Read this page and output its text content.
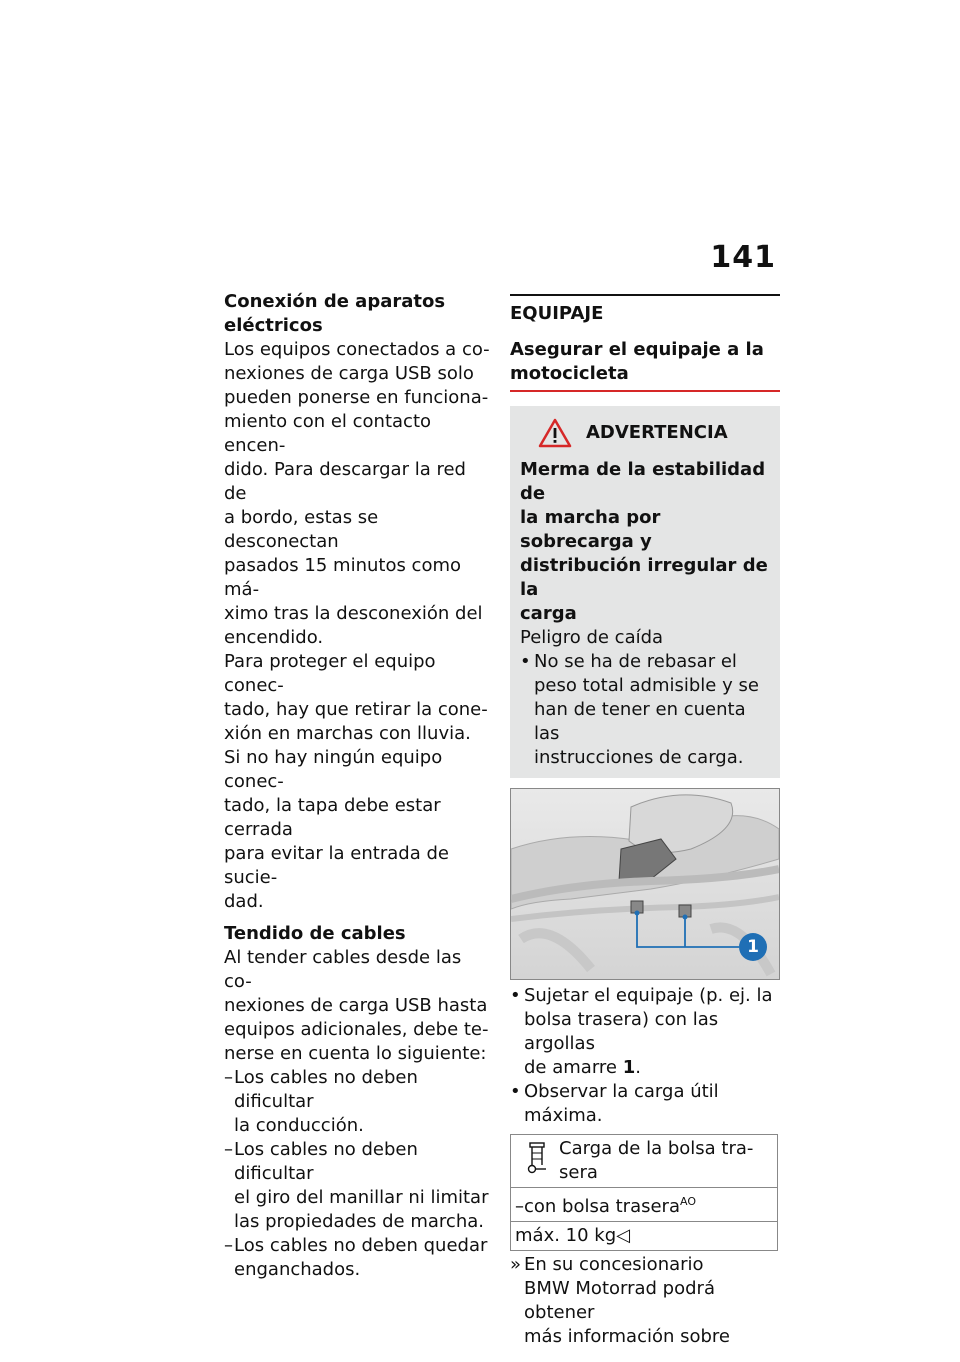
141
Conexión de aparatos
eléctricos
Los equipos conectados a co-
nexiones de carga USB solo
pueden ponerse en funciona-
miento con el contacto encen-
dido. Para descargar la red de
a bordo, estas se desconectan
pasados 15 minutos como má-
ximo tras la desconexión del
encendido.
Para proteger el equipo conec-
tado, hay que retirar la cone-
xión en marchas con lluvia.
Si no hay ningún equipo conec-
tado, la tapa debe estar cerrada
para evitar la entrada de sucie-
dad.
Tendido de cables
Al tender cables desde las co-
nexiones de carga USB hasta
equipos adicionales, debe te-
nerse en cuenta lo siguiente:
– Los cables no deben dificultar
la conducción.
– Los cables no deben dificultar
el giro del manillar ni limitar
las propiedades de marcha.
– Los cables no deben quedar
enganchados.
EQUIPAJE
Asegurar el equipaje a la
motocicleta
ADVERTENCIA
Merma de la estabilidad de
la marcha por sobrecarga y
distribución irregular de la
carga
Peligro de caída
• No se ha de rebasar el
peso total admisible y se
han de tener en cuenta las
instrucciones de carga.
1
• Sujetar el equipaje (p. ej. la
bolsa trasera) con las argollas
de amarre 1.
• Observar la carga útil máxima.
Carga de la bolsa tra-
sera

–con bolsa trasera$^{AO}$
máx. 10 kg◁
» En su concesionario
BMW Motorrad podrá obtener
más información sobre
